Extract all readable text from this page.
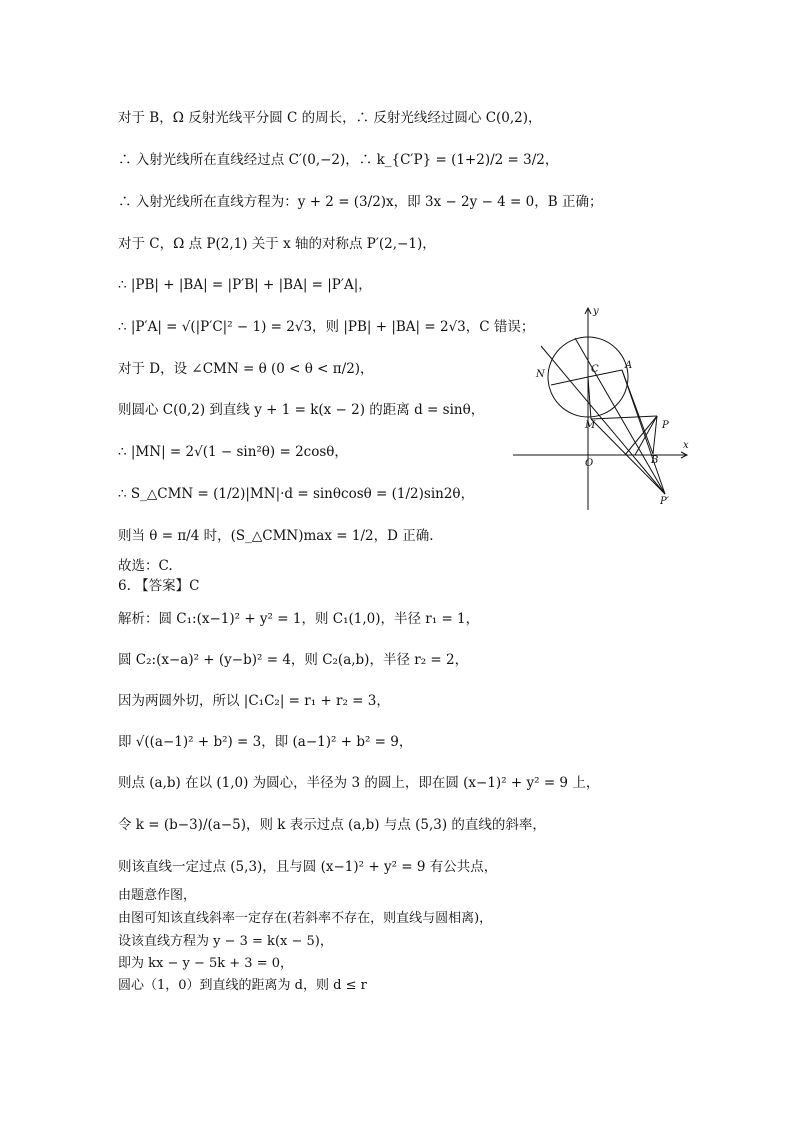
对于 B，Ω 反射光线平分圆 C 的周长，∴ 反射光线经过圆心 C(0,2)，
∴ 入射光线所在直线经过点 C′(0,−2)，∴ k_{C′P} = (1+2)/2 = 3/2，
∴ 入射光线所在直线方程为：y + 2 = (3/2)x，即 3x − 2y − 4 = 0，B 正确；
对于 C，Ω 点 P(2,1) 关于 x 轴的对称点 P′(2,−1)，
∴ |PB| + |BA| = |P′B| + |BA| = |P′A|，
∴ |P′A| = √(|P′C|² − 1) = 2√3，则 |PB| + |BA| = 2√3，C 错误；
对于 D，设 ∠CMN = θ (0 < θ < π/2)，
则圆心 C(0,2) 到直线 y + 1 = k(x − 2) 的距离 d = sinθ，
∴ |MN| = 2√(1 − sin²θ) = 2cosθ，
∴ S_△CMN = (1/2)|MN|·d = sinθcosθ = (1/2)sin2θ，
则当 θ = π/4 时，(S_△CMN)max = 1/2，D 正确.
故选：C.
6. 【答案】C
解析：圆 C₁:(x−1)² + y² = 1，则 C₁(1,0)，半径 r₁ = 1，
圆 C₂:(x−a)² + (y−b)² = 4，则 C₂(a,b)，半径 r₂ = 2，
因为两圆外切，所以 |C₁C₂| = r₁ + r₂ = 3，
即 √((a−1)² + b²) = 3，即 (a−1)² + b² = 9，
则点 (a,b) 在以 (1,0) 为圆心，半径为 3 的圆上，即在圆 (x−1)² + y² = 9 上，
令 k = (b−3)/(a−5)，则 k 表示过点 (a,b) 与点 (5,3) 的直线的斜率，
则该直线一定过点 (5,3)，且与圆 (x−1)² + y² = 9 有公共点，
由题意作图，
由图可知该直线斜率一定存在(若斜率不存在，则直线与圆相离)，
设该直线方程为 y − 3 = k(x − 5)，
即为 kx − y − 5k + 3 = 0，
圆心（1，0）到直线的距离为 d，则 d ≤ r
y
x
C	A
N
M
O	B
P
P′
